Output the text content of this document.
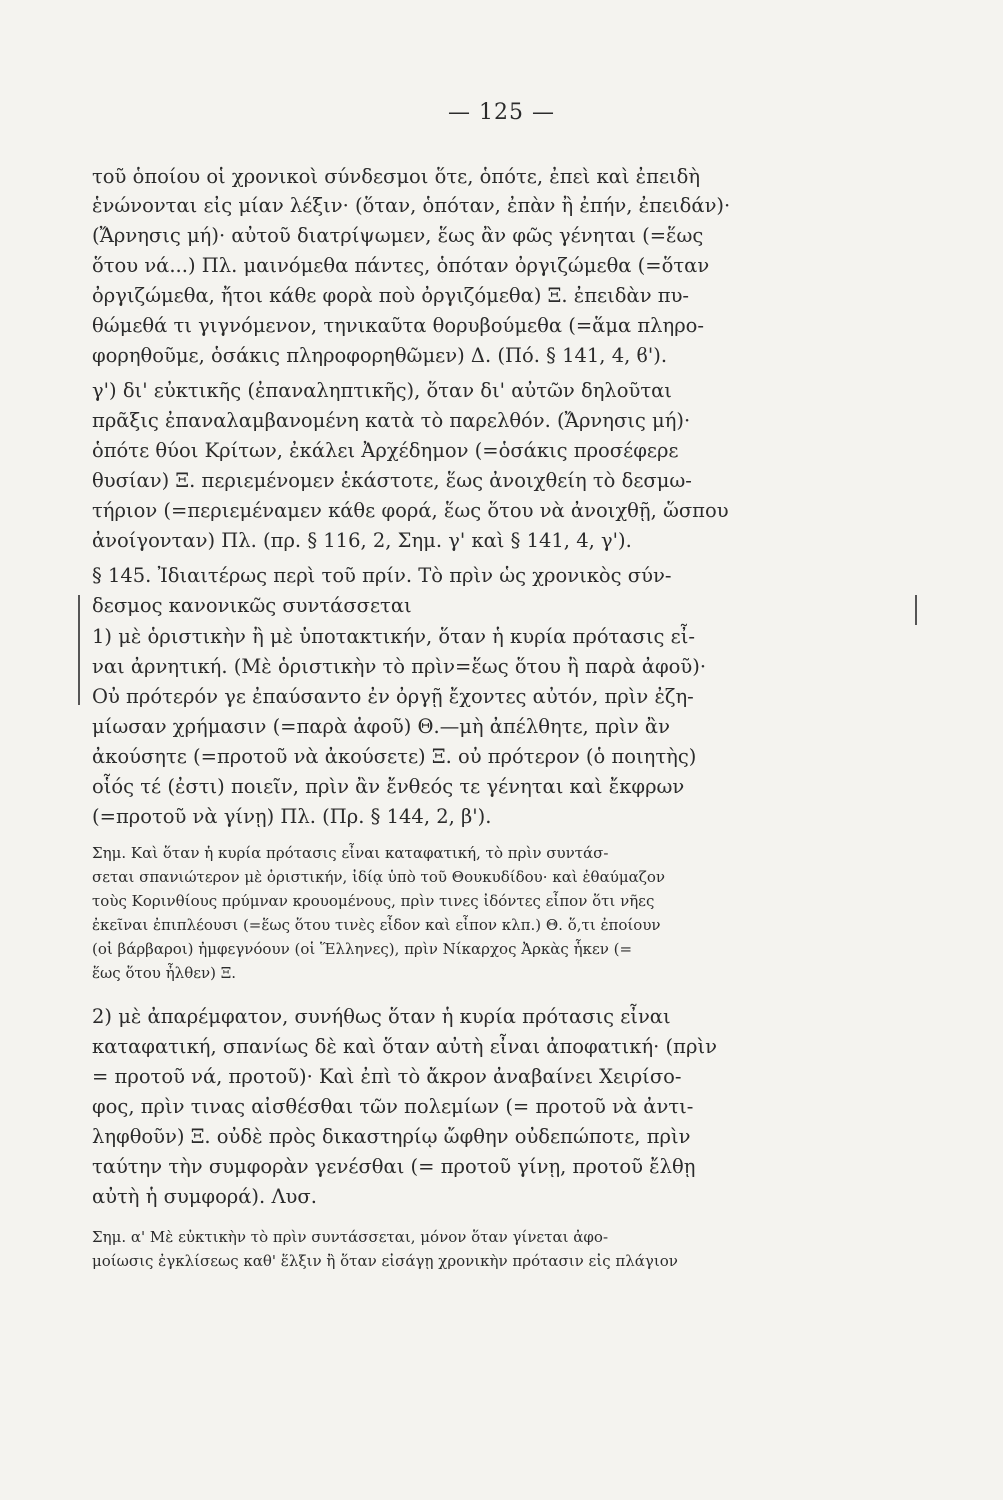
— 125 —
τοῦ ὁποίου οἱ χρονικοὶ σύνδεσμοι ὅτε, ὁπότε, ἐπεὶ καὶ ἐπειδὴ
ἑνώνονται εἰς μίαν λέξιν· (ὅταν, ὁπόταν, ἐπὰν ἢ ἐπήν, ἐπειδάν)·
(Ἄρνησις μή)· αὐτοῦ διατρίψωμεν, ἕως ἂν φῶς γένηται (=ἕως
ὅτου νά...) Πλ. μαινόμεθα πάντες, ὁπόταν ὀργιζώμεθα (=ὅταν
ὀργιζώμεθα, ἤτοι κάθε φορὰ ποὺ ὀργιζόμεθα) Ξ. ἐπειδὰν πυ-
θώμεθά τι γιγνόμενον, τηνικαῦτα θορυβούμεθα (=ἅμα πληρο-
φορηθοῦμε, ὁσάκις πληροφορηθῶμεν) Δ. (Πό. § 141, 4, ϐ').
γ') δι' εὐκτικῆς (ἐπαναληπτικῆς), ὅταν δι' αὐτῶν δηλοῦται
πρᾶξις ἐπαναλαμβανομένη κατὰ τὸ παρελθόν. (Ἄρνησις μή)·
ὁπότε θύοι Κρίτων, ἐκάλει Ἀρχέδημον (=ὁσάκις προσέφερε
θυσίαν) Ξ. περιεμένομεν ἑκάστοτε, ἕως ἀνοιχθείη τὸ δεσμω-
τήριον (=περιεμέναμεν κάθε φορά, ἕως ὅτου νὰ ἀνοιχθῇ, ὥσπου
ἀνοίγονταν) Πλ. (πρ. § 116, 2, Σημ. γ' καὶ § 141, 4, γ').
§ 145. Ἰδιαιτέρως περὶ τοῦ πρίν. Τὸ πρὶν ὡς χρονικὸς σύν-
δεσμος κανονικῶς συντάσσεται
1) μὲ ὁριστικὴν ἢ μὲ ὑποτακτικήν, ὅταν ἡ κυρία πρότασις εἶ-
ναι ἀρνητική. (Μὲ ὁριστικὴν τὸ πρὶν=ἕως ὅτου ἢ παρὰ ἀφοῦ)·
Οὐ πρότερόν γε ἐπαύσαντο ἐν ὀργῇ ἔχοντες αὐτόν, πρὶν ἐζη-
μίωσαν χρήμασιν (=παρὰ ἀφοῦ) Θ.—μὴ ἀπέλθητε, πρὶν ἂν
ἀκούσητε (=προτοῦ νὰ ἀκούσετε) Ξ. οὐ πρότερον (ὁ ποιητὴς)
οἷός τέ (ἐστι) ποιεῖν, πρὶν ἂν ἔνθεός τε γένηται καὶ ἔκφρων
(=προτοῦ νὰ γίνῃ) Πλ. (Πρ. § 144, 2, β').
Σημ. Καὶ ὅταν ἡ κυρία πρότασις εἶναι καταφατική, τὸ πρὶν συντάσ-
σεται σπανιώτερον μὲ ὁριστικήν, ἰδίᾳ ὑπὸ τοῦ Θουκυδίδου· καὶ ἐθαύμαζον
τοὺς Κορινθίους πρύμναν κρουομένους, πρὶν τινες ἰδόντες εἶπον ὅτι νῆες
ἐκεῖναι ἐπιπλέουσι (=ἕως ὅτου τινὲς εἶδον καὶ εἶπον κλπ.) Θ. ὅ,τι ἐποίουν
(οἱ βάρβαροι) ἠμφεγνόουν (οἱ Ἕλληνες), πρὶν Νίκαρχος Ἀρκὰς ἧκεν (=
ἕως ὅτου ἦλθεν) Ξ.
2) μὲ ἀπαρέμφατον, συνήθως ὅταν ἡ κυρία πρότασις εἶναι
καταφατική, σπανίως δὲ καὶ ὅταν αὐτὴ εἶναι ἀποφατική· (πρὶν
= προτοῦ νά, προτοῦ)· Καὶ ἐπὶ τὸ ἄκρον ἀναβαίνει Χειρίσο-
φος, πρὶν τινας αἰσθέσθαι τῶν πολεμίων (= προτοῦ νὰ ἀντι-
ληφθοῦν) Ξ. οὐδὲ πρὸς δικαστηρίῳ ὤφθην οὐδεπώποτε, πρὶν
ταύτην τὴν συμφορὰν γενέσθαι (= προτοῦ γίνῃ, προτοῦ ἔλθῃ
αὐτὴ ἡ συμφορά). Λυσ.
Σημ. α' Μὲ εὐκτικὴν τὸ πρὶν συντάσσεται, μόνον ὅταν γίνεται ἀφο-
μοίωσις ἐγκλίσεως καθ' ἕλξιν ἢ ὅταν εἰσάγῃ χρονικὴν πρότασιν εἰς πλάγιον
